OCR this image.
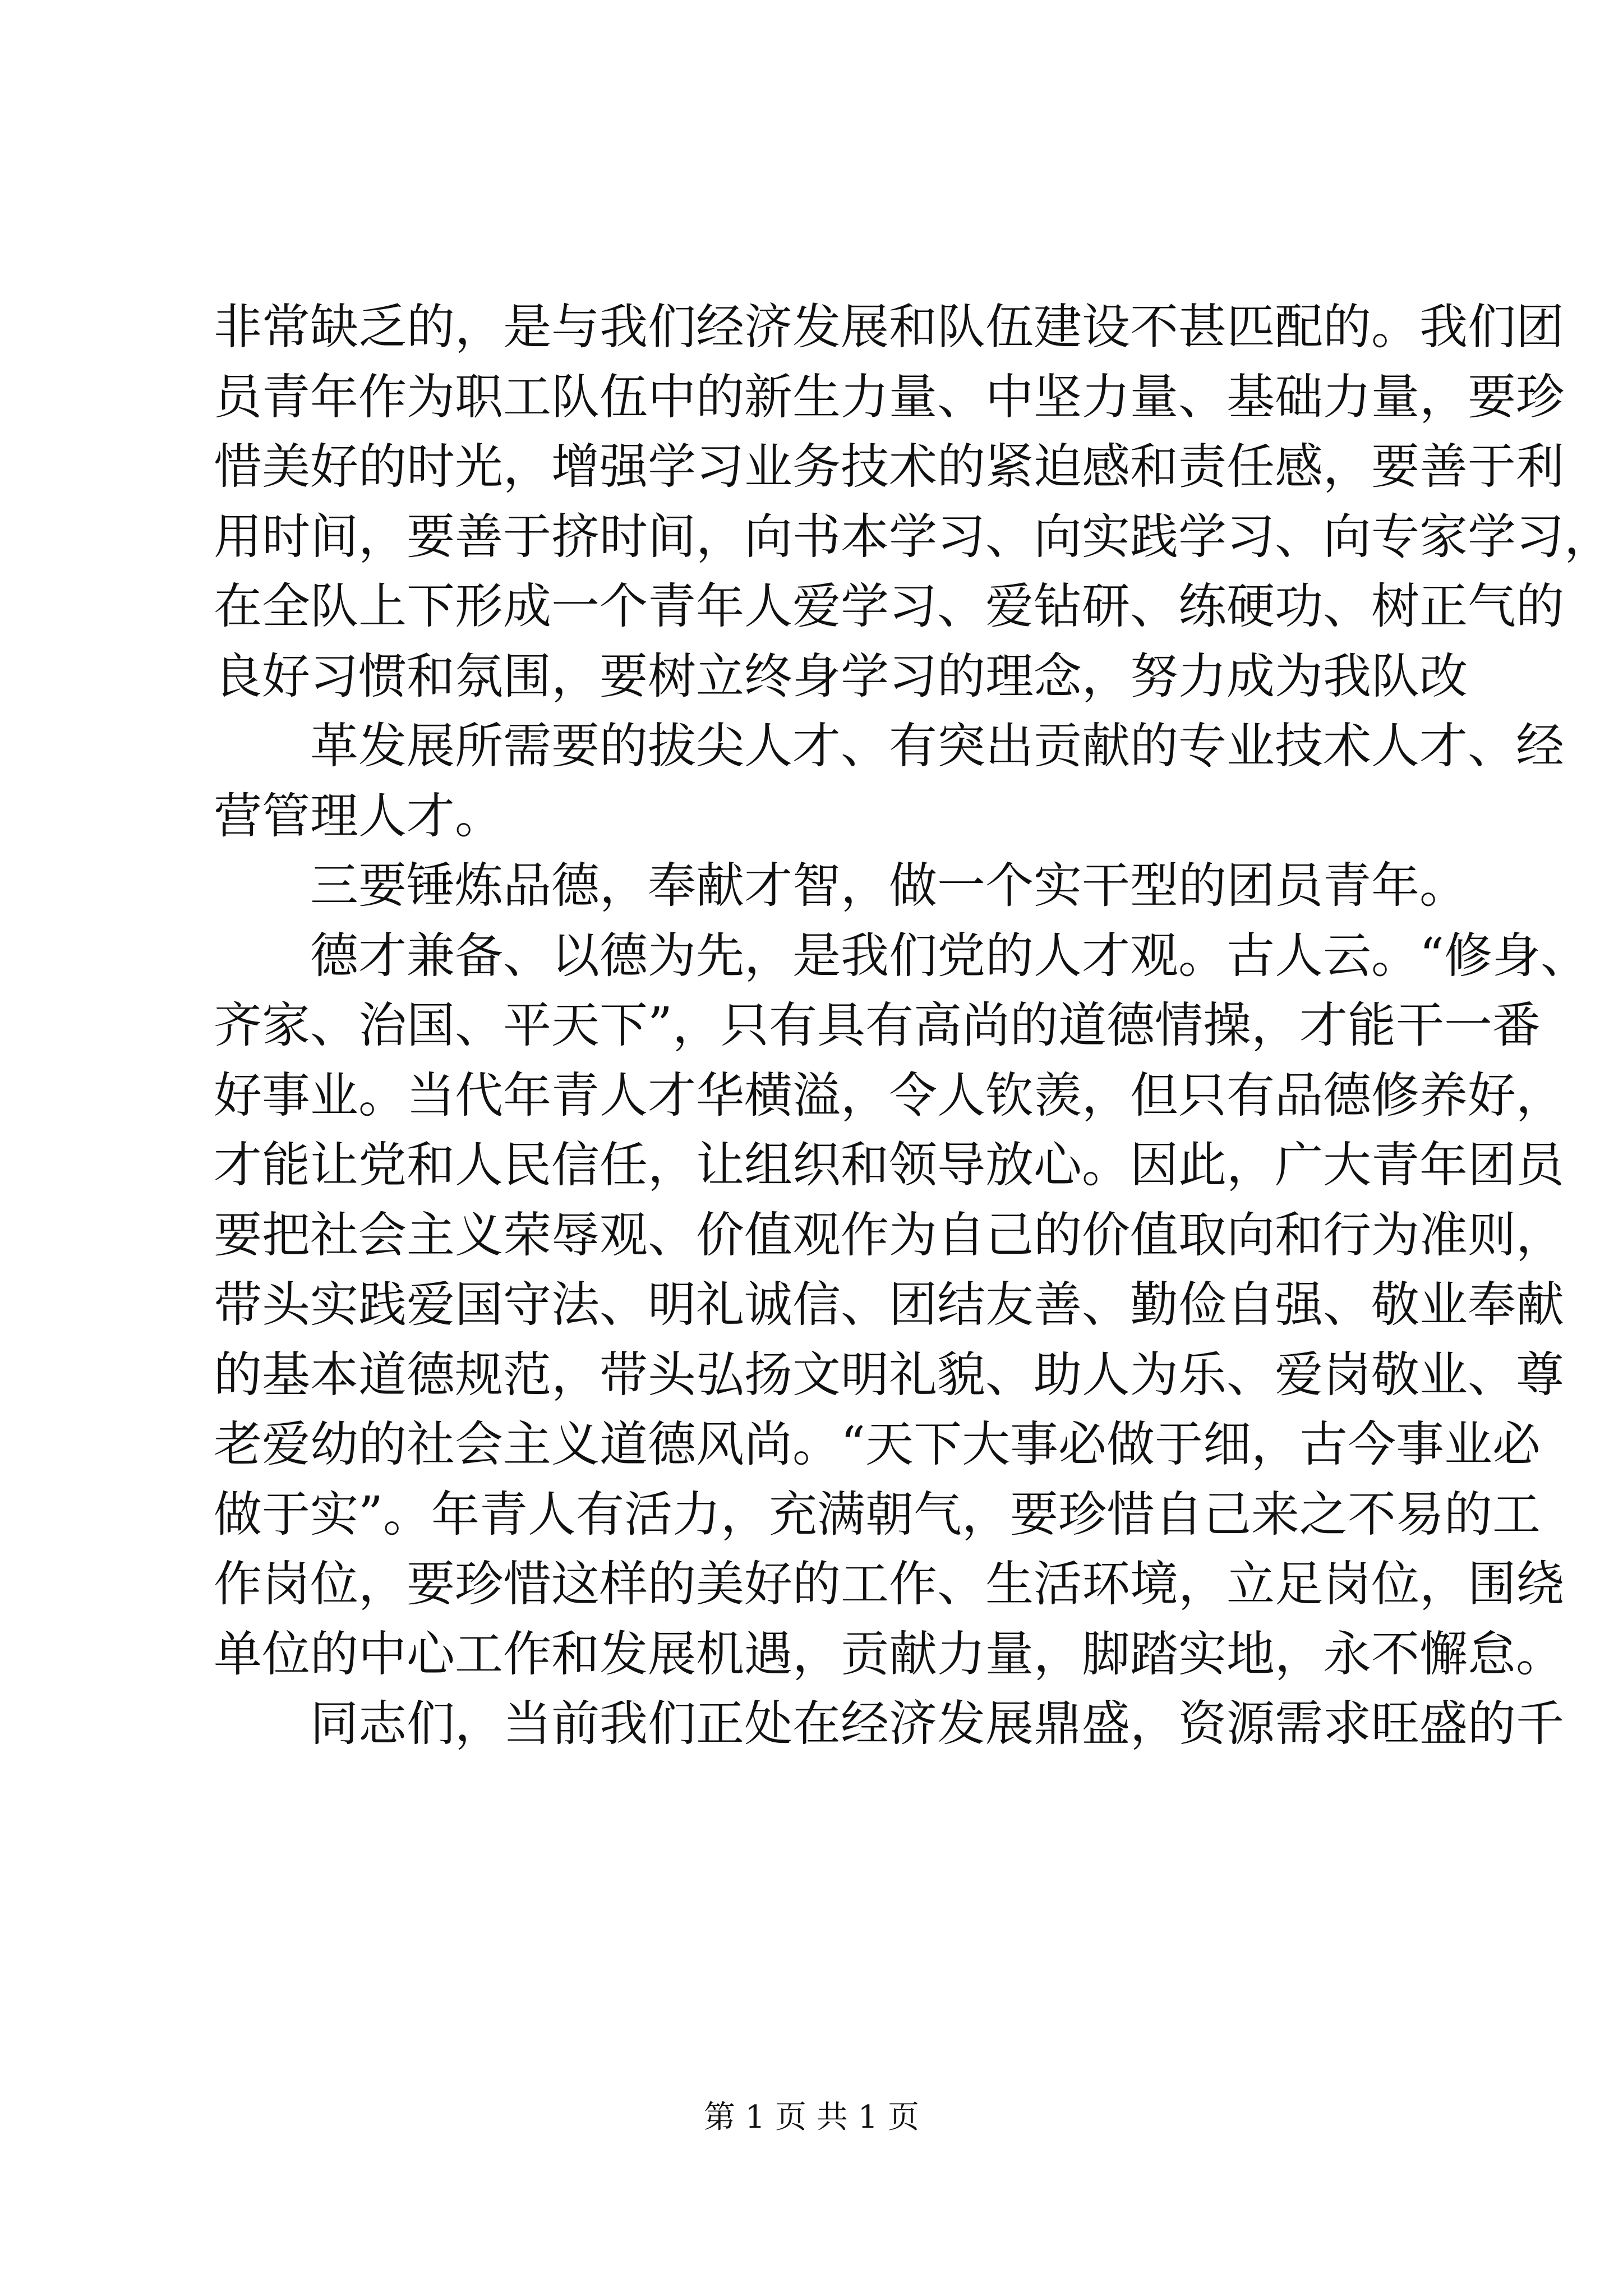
非常缺乏的，是与我们经济发展和队伍建设不甚匹配的。我们团
员青年作为职工队伍中的新生力量、中坚力量、基础力量，要珍
惜美好的时光，增强学习业务技术的紧迫感和责任感，要善于利
用时间，要善于挤时间，向书本学习、向实践学习、向专家学习，
在全队上下形成一个青年人爱学习、爱钻研、练硬功、树正气的
良好习惯和氛围，要树立终身学习的理念，努力成为我队改
革发展所需要的拔尖人才、有突出贡献的专业技术人才、经
营管理人才。
三要锤炼品德，奉献才智，做一个实干型的团员青年。
德才兼备、以德为先，是我们党的人才观。古人云。“修身、
齐家、治国、平天下”，只有具有高尚的道德情操，才能干一番
好事业。当代年青人才华横溢，令人钦羡，但只有品德修养好，
才能让党和人民信任，让组织和领导放心。因此，广大青年团员
要把社会主义荣辱观、价值观作为自己的价值取向和行为准则，
带头实践爱国守法、明礼诚信、团结友善、勤俭自强、敬业奉献
的基本道德规范，带头弘扬文明礼貌、助人为乐、爱岗敬业、尊
老爱幼的社会主义道德风尚。“天下大事必做于细，古今事业必
做于实”。年青人有活力，充满朝气，要珍惜自己来之不易的工
作岗位，要珍惜这样的美好的工作、生活环境，立足岗位，围绕
单位的中心工作和发展机遇，贡献力量，脚踏实地，永不懈怠。
同志们，当前我们正处在经济发展鼎盛，资源需求旺盛的千
第 1 页 共 1 页
